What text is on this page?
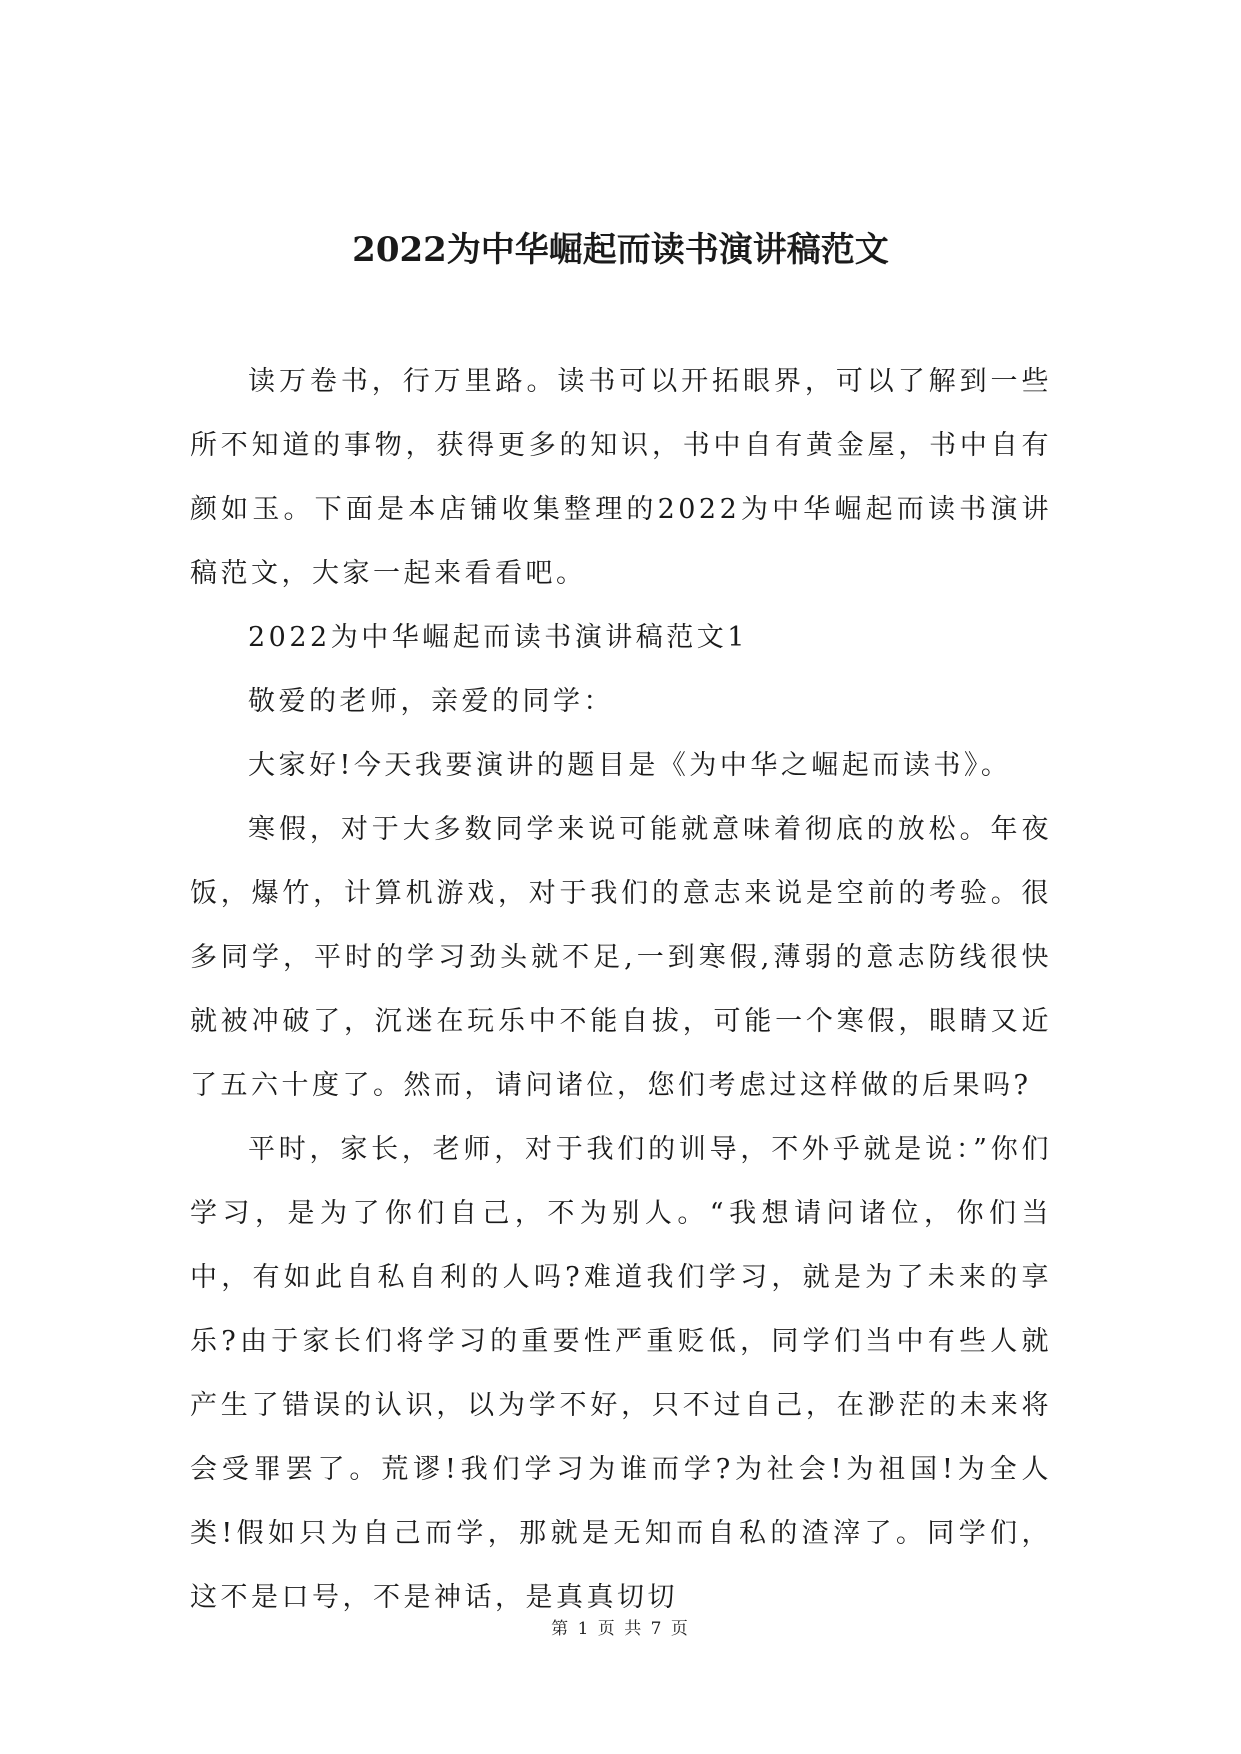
2022为中华崛起而读书演讲稿范文

读万卷书，行万里路。读书可以开拓眼界，可以了解到一些所不知道的事物，获得更多的知识，书中自有黄金屋，书中自有颜如玉。下面是本店铺收集整理的2022为中华崛起而读书演讲稿范文，大家一起来看看吧。

2022为中华崛起而读书演讲稿范文1

敬爱的老师，亲爱的同学：

大家好!今天我要演讲的题目是《为中华之崛起而读书》。

寒假，对于大多数同学来说可能就意味着彻底的放松。年夜饭，爆竹，计算机游戏，对于我们的意志来说是空前的考验。很多同学，平时的学习劲头就不足,一到寒假,薄弱的意志防线很快就被冲破了，沉迷在玩乐中不能自拔，可能一个寒假，眼睛又近了五六十度了。然而，请问诸位，您们考虑过这样做的后果吗?

平时，家长，老师，对于我们的训导，不外乎就是说：”你们学习，是为了你们自己，不为别人。“我想请问诸位，你们当中，有如此自私自利的人吗?难道我们学习，就是为了未来的享乐?由于家长们将学习的重要性严重贬低，同学们当中有些人就产生了错误的认识，以为学不好，只不过自己，在渺茫的未来将会受罪罢了。荒谬!我们学习为谁而学?为社会!为祖国!为全人类!假如只为自己而学，那就是无知而自私的渣滓了。同学们，这不是口号，不是神话，是真真切切

第 1 页 共 7 页
